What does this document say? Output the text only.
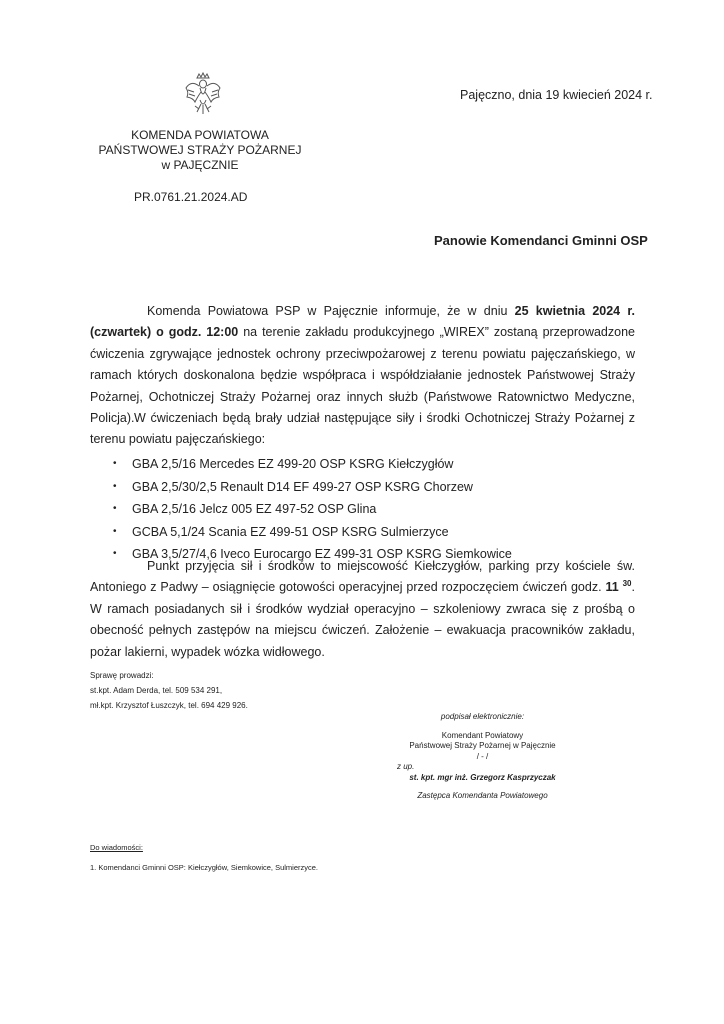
Pajęczno, dnia 19 kwiecień 2024 r.
KOMENDA POWIATOWA
PAŃSTWOWEJ STRAŻY POŻARNEJ
w PAJĘCZNIE
PR.0761.21.2024.AD
Panowie Komendanci Gminni OSP
Komenda Powiatowa PSP w Pajęcznie informuje, że w dniu 25 kwietnia 2024 r. (czwartek) o godz. 12:00 na terenie zakładu produkcyjnego „WIREX” zostaną przeprowadzone ćwiczenia zgrywające jednostek ochrony przeciwpożarowej z terenu powiatu pajęczańskiego, w ramach których doskonalona będzie współpraca i współdziałanie jednostek Państwowej Straży Pożarnej, Ochotniczej Straży Pożarnej oraz innych służb (Państwowe Ratownictwo Medyczne, Policja). W ćwiczeniach będą brały udział następujące siły i środki Ochotniczej Straży Pożarnej z terenu powiatu pajęczańskiego:
• GBA 2,5/16 Mercedes EZ 499-20 OSP KSRG Kiełczygłów
• GBA 2,5/30/2,5 Renault D14 EF 499-27 OSP KSRG Chorzew
• GBA 2,5/16 Jelcz 005 EZ 497-52 OSP Glina
• GCBA 5,1/24 Scania EZ 499-51 OSP KSRG Sulmierzyce
• GBA 3,5/27/4,6 Iveco Eurocargo EZ 499-31 OSP KSRG Siemkowice
Punkt przyjęcia sił i środków to miejscowość Kiełczygłów, parking przy kościele św. Antoniego z Padwy – osiągnięcie gotowości operacyjnej przed rozpoczęciem ćwiczeń godz. 11 $^{30}$. W ramach posiadanych sił i środków wydział operacyjno – szkoleniowy zwraca się z prośbą o obecność pełnych zastępów na miejscu ćwiczeń. Założenie – ewakuacja pracowników zakładu, pożar lakierni, wypadek wózka widłowego.
Sprawę prowadzi:
st.kpt. Adam Derda, tel. 509 534 291,
mł.kpt. Krzysztof Łuszczyk, tel. 694 429 926.
podpisał elektronicznie:
Komendant Powiatowy
Państwowej Straży Pożarnej w Pajęcznie
/ - /
z up.
st. kpt. mgr inż. Grzegorz Kasprzyczak
Zastępca Komendanta Powiatowego
Do wiadomości:
1. Komendanci Gminni OSP: Kiełczygłów, Siemkowice, Sulmierzyce.
